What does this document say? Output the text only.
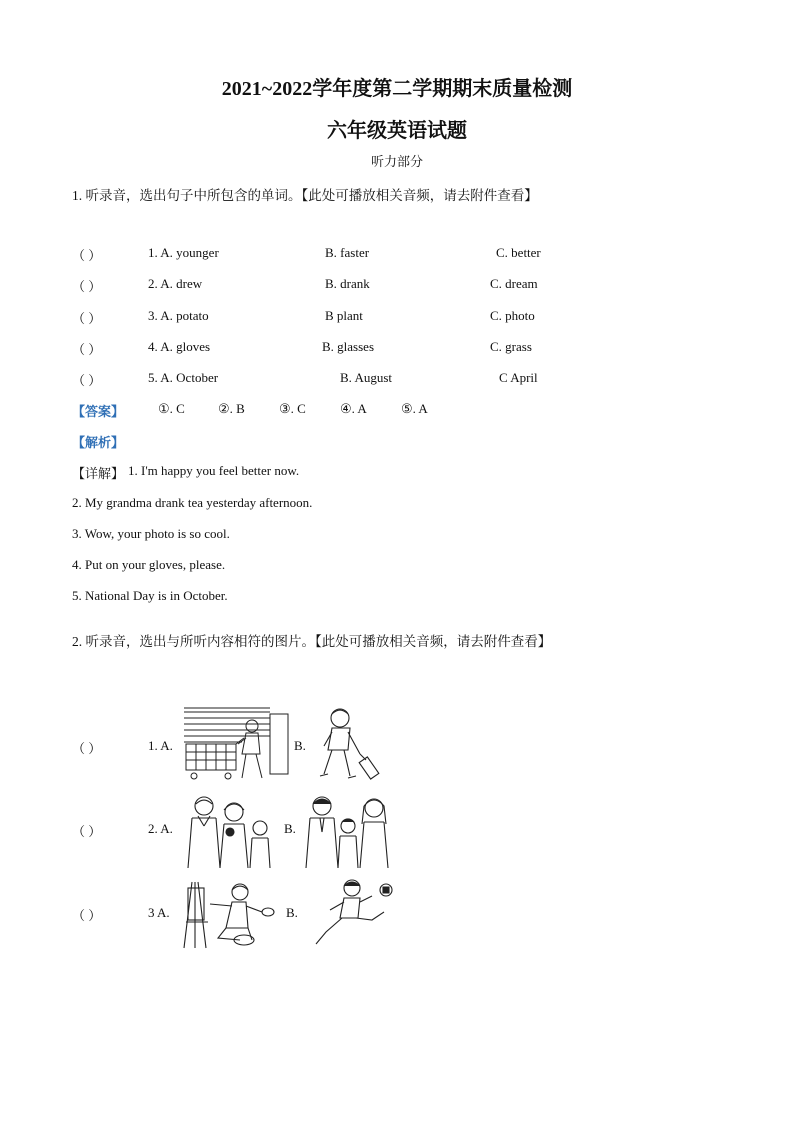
2021~2022学年度第二学期期末质量检测
六年级英语试题
听力部分
1. 听录音，选出句子中所包含的单词。【此处可播放相关音频，请去附件查看】
（ ）	1. A. younger	B. faster	C. better
（ ）	2. A. drew	B. drank	C. dream
（ ）	3. A. potato	B plant	C. photo
（ ）	4. A. gloves	B. glasses	C. grass
（ ）	5. A. October	B. August	C April
【答案】	①. C	②. B	③. C	④. A	⑤. A
【解析】
【详解】 1. I'm happy you feel better now.
2. My grandma drank tea yesterday afternoon.
3. Wow, your photo is so cool.
4. Put on your gloves, please.
5. National Day is in October.
2. 听录音，选出与所听内容相符的图片。【此处可播放相关音频，请去附件查看】
（ ）	1. A.	B.
（ ）	2. A.	B.
（ ）	3 A.	B.
